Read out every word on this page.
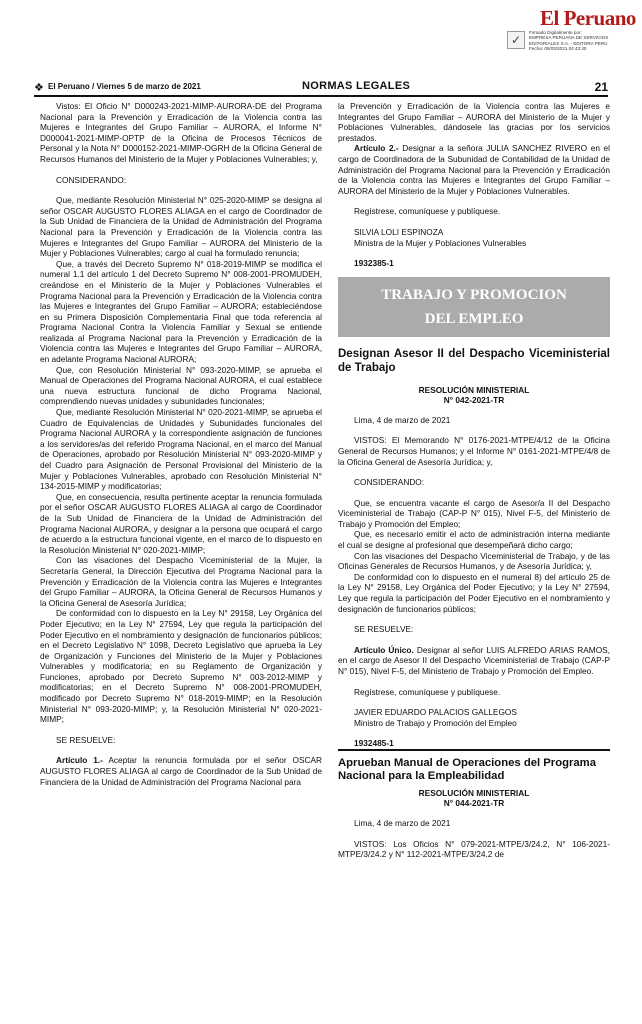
El Peruano
✓
Firmado Digitalmente por:
EMPRESA PERUANA DE SERVICIOS
EDITORIALES S.A. - EDITORA PERU
Fecha: 05/03/2021 04:43:40
❖ El Peruano / Viernes 5 de marzo de 2021	NORMAS LEGALES	21

Vistos: El Oficio N° D000243-2021-MIMP-AURORA-DE del Programa Nacional para la Prevención y Erradicación de la Violencia contra las Mujeres e Integrantes del Grupo Familiar – AURORA, el Informe N° D000041-2021-MIMP-OPTP de la Oficina de Procesos Técnicos de Personal y la Nota N° D000152-2021-MIMP-OGRH de la Oficina General de Recursos Humanos del Ministerio de la Mujer y Poblaciones Vulnerables; y,

CONSIDERANDO:

Que, mediante Resolución Ministerial N° 025-2020-MIMP se designa al señor OSCAR AUGUSTO FLORES ALIAGA en el cargo de Coordinador de la Sub Unidad de Financiera de la Unidad de Administración del Programa Nacional para la Prevención y Erradicación de la Violencia contra las Mujeres e Integrantes del Grupo Familiar – AURORA del Ministerio de la Mujer y Poblaciones Vulnerables; cargo al cual ha formulado renuncia;

Que, a través del Decreto Supremo N° 018-2019-MIMP se modifica el numeral 1.1 del artículo 1 del Decreto Supremo N° 008-2001-PROMUDEH, creándose en el Ministerio de la Mujer y Poblaciones Vulnerables el Programa Nacional para la Prevención y Erradicación de la Violencia contra las Mujeres e Integrantes del Grupo Familiar – AURORA; estableciéndose en su Primera Disposición Complementaria Final que toda referencia al Programa Nacional Contra la Violencia Familiar y Sexual se entiende realizada al Programa Nacional para la Prevención y Erradicación de la Violencia contra las Mujeres e Integrantes del Grupo Familiar – AURORA, en adelante Programa Nacional AURORA;

Que, con Resolución Ministerial N° 093-2020-MIMP, se aprueba el Manual de Operaciones del Programa Nacional AURORA, el cual establece una nueva estructura funcional de dicho Programa Nacional, comprendiendo nuevas unidades y subunidades funcionales;

Que, mediante Resolución Ministerial N° 020-2021-MIMP, se aprueba el Cuadro de Equivalencias de Unidades y Subunidades funcionales del Programa Nacional AURORA y la correspondiente asignación de funciones a los servidores/as del referido Programa Nacional, en el marco del Manual de Operaciones, aprobado por Resolución Ministerial N° 093-2020-MIMP y del Cuadro para Asignación de Personal Provisional del Ministerio de la Mujer y Poblaciones Vulnerables, aprobado con Resolución Ministerial N° 134-2015-MIMP y modificatorias;

Que, en consecuencia, resulta pertinente aceptar la renuncia formulada por el señor OSCAR AUGUSTO FLORES ALIAGA al cargo de Coordinador de la Sub Unidad de Financiera de la Unidad de Administración del Programa Nacional AURORA, y designar a la persona que ocupará el cargo de acuerdo a la estructura funcional vigente, en el marco de lo dispuesto en la Resolución Ministerial N° 020-2021-MIMP;

Con las visaciones del Despacho Viceministerial de la Mujer, la Secretaría General, la Dirección Ejecutiva del Programa Nacional para la Prevención y Erradicación de la Violencia contra las Mujeres e Integrantes del Grupo Familiar – AURORA, la Oficina General de Recursos Humanos y la Oficina General de Asesoría Jurídica;

De conformidad con lo dispuesto en la Ley N° 29158, Ley Orgánica del Poder Ejecutivo; en la Ley N° 27594, Ley que regula la participación del Poder Ejecutivo en el nombramiento y designación de funcionarios públicos; en el Decreto Legislativo N° 1098, Decreto Legislativo que aprueba la Ley de Organización y Funciones del Ministerio de la Mujer y Poblaciones Vulnerables y modificatoria; en su Reglamento de Organización y Funciones, aprobado por Decreto Supremo N° 003-2012-MIMP y modificatorias; en el Decreto Supremo N° 008-2001-PROMUDEH, modificado por Decreto Supremo N° 018-2019-MIMP; en la Resolución Ministerial N° 093-2020-MIMP; y, la Resolución Ministerial N° 020-2021-MIMP;

SE RESUELVE:

Artículo 1.- Aceptar la renuncia formulada por el señor OSCAR AUGUSTO FLORES ALIAGA al cargo de Coordinador de la Sub Unidad de Financiera de la Unidad de Administración del Programa Nacional para

la Prevención y Erradicación de la Violencia contra las Mujeres e Integrantes del Grupo Familiar – AURORA del Ministerio de la Mujer y Poblaciones Vulnerables, dándosele las gracias por los servicios prestados.

Artículo 2.- Designar a la señora JULIA SANCHEZ RIVERO en el cargo de Coordinadora de la Subunidad de Contabilidad de la Unidad de Administración del Programa Nacional para la Prevención y Erradicación de la Violencia contra las Mujeres e Integrantes del Grupo Familiar – AURORA del Ministerio de la Mujer y Poblaciones Vulnerables.

Regístrese, comuníquese y publíquese.

SILVIA LOLI ESPINOZA

Ministra de la Mujer y Poblaciones Vulnerables

1932385-1

TRABAJO Y PROMOCION
DEL EMPLEO

Designan Asesor II del Despacho Viceministerial de Trabajo

RESOLUCIÓN MINISTERIAL

N° 042-2021-TR

Lima, 4 de marzo de 2021

VISTOS: El Memorando N° 0176-2021-MTPE/4/12 de la Oficina General de Recursos Humanos; y el Informe N° 0161-2021-MTPE/4/8 de la Oficina General de Asesoría Jurídica; y,

CONSIDERANDO:

Que, se encuentra vacante el cargo de Asesor/a II del Despacho Viceministerial de Trabajo (CAP-P N° 015), Nivel F-5, del Ministerio de Trabajo y Promoción del Empleo;

Que, es necesario emitir el acto de administración interna mediante el cual se designe al profesional que desempeñará dicho cargo;

Con las visaciones del Despacho Viceministerial de Trabajo, y de las Oficinas Generales de Recursos Humanos, y de Asesoría Jurídica; y,

De conformidad con lo dispuesto en el numeral 8) del artículo 25 de la Ley N° 29158, Ley Orgánica del Poder Ejecutivo; y la Ley N° 27594, Ley que regula la participación del Poder Ejecutivo en el nombramiento y designación de funcionarios públicos;

SE RESUELVE:

Artículo Único. Designar al señor LUIS ALFREDO ARIAS RAMOS, en el cargo de Asesor II del Despacho Viceministerial de Trabajo (CAP-P N° 015), Nivel F-5, del Ministerio de Trabajo y Promoción del Empleo.

Regístrese, comuníquese y publíquese.

JAVIER EDUARDO PALACIOS GALLEGOS

Ministro de Trabajo y Promoción del Empleo

1932485-1

Aprueban Manual de Operaciones del Programa Nacional para la Empleabilidad

RESOLUCIÓN MINISTERIAL

N° 044-2021-TR

Lima, 4 de marzo de 2021

VISTOS: Los Oficios N° 079-2021-MTPE/3/24.2, N° 106-2021-MTPE/3/24.2 y N° 112-2021-MTPE/3/24.2 de
